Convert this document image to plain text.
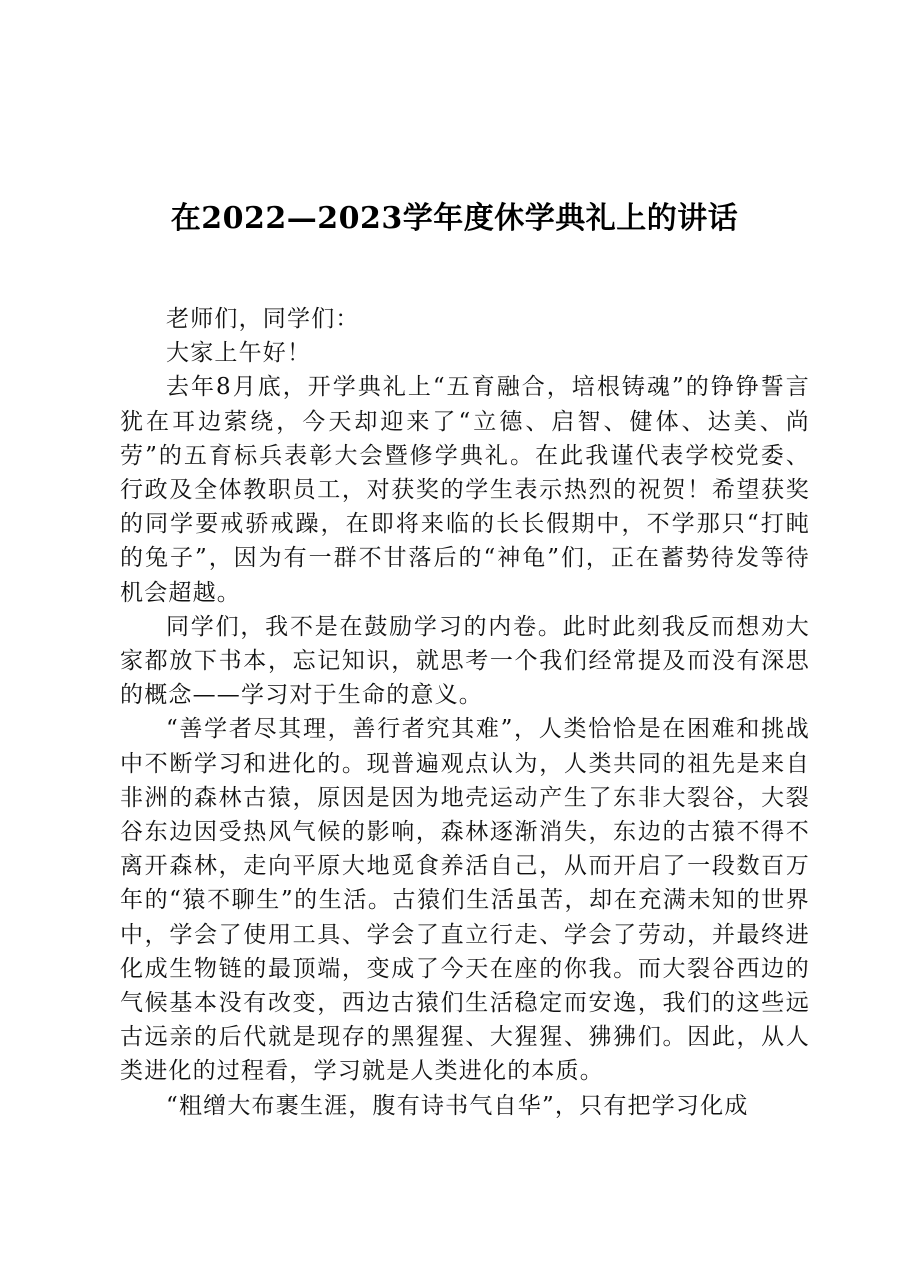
在2022—2023学年度休学典礼上的讲话

老师们，同学们：

大家上午好！

去年8月底，开学典礼上“五育融合，培根铸魂”的铮铮誓言犹在耳边萦绕，今天却迎来了“立德、启智、健体、达美、尚劳”的五育标兵表彰大会暨修学典礼。在此我谨代表学校党委、行政及全体教职员工，对获奖的学生表示热烈的祝贺！希望获奖的同学要戒骄戒躁，在即将来临的长长假期中，不学那只“打盹的兔子”，因为有一群不甘落后的“神龟”们，正在蓄势待发等待机会超越。

同学们，我不是在鼓励学习的内卷。此时此刻我反而想劝大家都放下书本，忘记知识，就思考一个我们经常提及而没有深思的概念——学习对于生命的意义。

“善学者尽其理，善行者究其难”，人类恰恰是在困难和挑战中不断学习和进化的。现普遍观点认为，人类共同的祖先是来自非洲的森林古猿，原因是因为地壳运动产生了东非大裂谷，大裂谷东边因受热风气候的影响，森林逐渐消失，东边的古猿不得不离开森林，走向平原大地觅食养活自己，从而开启了一段数百万年的“猿不聊生”的生活。古猿们生活虽苦，却在充满未知的世界中，学会了使用工具、学会了直立行走、学会了劳动，并最终进化成生物链的最顶端，变成了今天在座的你我。而大裂谷西边的气候基本没有改变，西边古猿们生活稳定而安逸，我们的这些远古远亲的后代就是现存的黑猩猩、大猩猩、狒狒们。因此，从人类进化的过程看，学习就是人类进化的本质。

“粗缯大布裹生涯，腹有诗书气自华”，只有把学习化成
